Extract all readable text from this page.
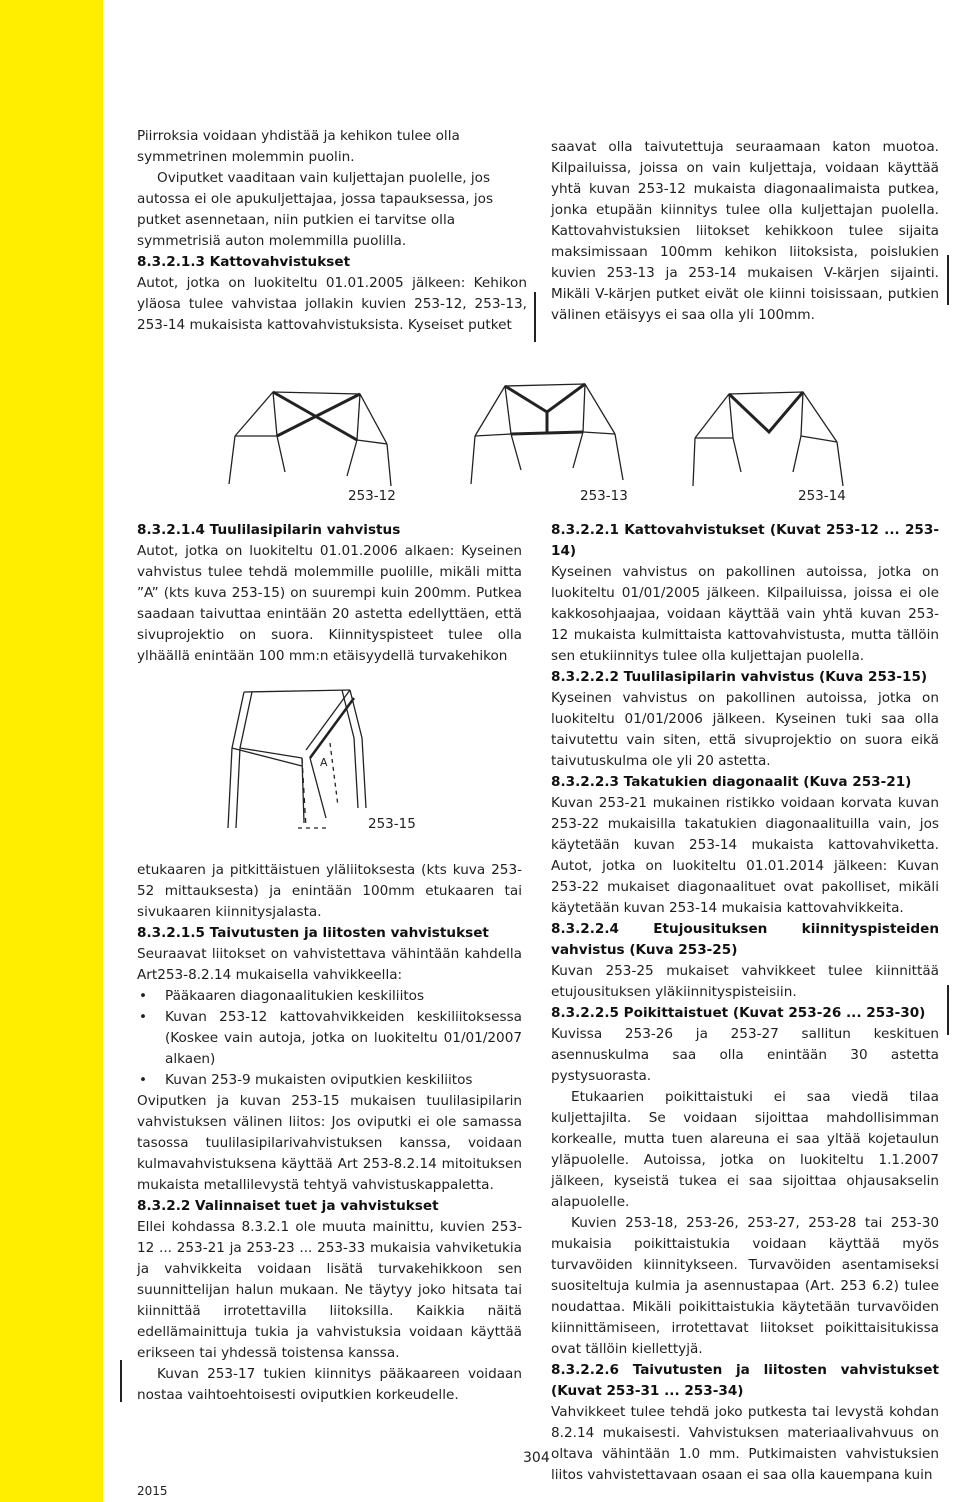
Piirroksia voidaan yhdistää ja kehikon tulee olla symmetrinen molemmin puolin.

Oviputket vaaditaan vain kuljettajan puolelle, jos autossa ei ole apukuljettajaa, jossa tapauksessa, jos putket asennetaan, niin putkien ei tarvitse olla symmetrisiä auton molemmilla puolilla.

8.3.2.1.3 Kattovahvistukset

Autot, jotka on luokiteltu 01.01.2005 jälkeen: Kehikon yläosa tulee vahvistaa jollakin kuvien 253-12, 253-13, 253-14 mukaisista kattovahvistuksista. Kyseiset putket

saavat olla taivutettuja seuraamaan katon muotoa. Kilpailuissa, joissa on vain kuljettaja, voidaan käyttää yhtä kuvan 253-12 mukaista diagonaalimaista putkea, jonka etupään kiinnitys tulee olla kuljettajan puolella. Kattovahvistuksien liitokset kehikkoon tulee sijaita maksimissaan 100mm kehikon liitoksista, poislukien kuvien 253-13 ja 253-14 mukaisen V-kärjen sijainti. Mikäli V-kärjen putket eivät ole kiinni toisissaan, putkien välinen etäisyys ei saa olla yli 100mm.

253-12	253-13	253-14

8.3.2.1.4 Tuulilasipilarin vahvistus

Autot, jotka on luokiteltu 01.01.2006 alkaen: Kyseinen vahvistus tulee tehdä molemmille puolille, mikäli mitta ”A” (kts kuva 253-15) on suurempi kuin 200mm. Putkea saadaan taivuttaa enintään 20 astetta edellyttäen, että sivuprojektio on suora. Kiinnityspisteet tulee olla ylhäällä enintään 100 mm:n etäisyydellä turvakehikon

A
253-15

etukaaren ja pitkittäistuen yläliitoksesta (kts kuva 253-52 mittauksesta) ja enintään 100mm etukaaren tai sivukaaren kiinnitysjalasta.

8.3.2.1.5 Taivutusten ja liitosten vahvistukset

Seuraavat liitokset on vahvistettava vähintään kahdella Art253-8.2.14 mukaisella vahvikkeella:

• Pääkaaren diagonaalitukien keskiliitos
• Kuvan 253-12 kattovahvikkeiden keskiliitoksessa (Koskee vain autoja, jotka on luokiteltu 01/01/2007 alkaen)
• Kuvan 253-9 mukaisten oviputkien keskiliitos

Oviputken ja kuvan 253-15 mukaisen tuulilasipilarin vahvistuksen välinen liitos: Jos oviputki ei ole samassa tasossa tuulilasipilarivahvistuksen kanssa, voidaan kulmavahvistuksena käyttää Art 253-8.2.14 mitoituksen mukaista metallilevystä tehtyä vahvistuskappaletta.

8.3.2.2 Valinnaiset tuet ja vahvistukset

Ellei kohdassa 8.3.2.1 ole muuta mainittu, kuvien 253-12 ... 253-21 ja 253-23 ... 253-33 mukaisia vahviketukia ja vahvikkeita voidaan lisätä turvakehikkoon sen suunnittelijan halun mukaan. Ne täytyy joko hitsata tai kiinnittää irrotettavilla liitoksilla. Kaikkia näitä edellämainittuja tukia ja vahvistuksia voidaan käyttää erikseen tai yhdessä toistensa kanssa.

Kuvan 253-17 tukien kiinnitys pääkaareen voidaan nostaa vaihtoehtoisesti oviputkien korkeudelle.

8.3.2.2.1 Kattovahvistukset (Kuvat 253-12 ... 253-14)

Kyseinen vahvistus on pakollinen autoissa, jotka on luokiteltu 01/01/2005 jälkeen. Kilpailuissa, joissa ei ole kakkosohjaajaa, voidaan käyttää vain yhtä kuvan 253-12 mukaista kulmittaista kattovahvistusta, mutta tällöin sen etukiinnitys tulee olla kuljettajan puolella.

8.3.2.2.2 Tuulilasipilarin vahvistus (Kuva 253-15)

Kyseinen vahvistus on pakollinen autoissa, jotka on luokiteltu 01/01/2006 jälkeen. Kyseinen tuki saa olla taivutettu vain siten, että sivuprojektio on suora eikä taivutuskulma ole yli 20 astetta.

8.3.2.2.3 Takatukien diagonaalit (Kuva 253-21)

Kuvan 253-21 mukainen ristikko voidaan korvata kuvan 253-22 mukaisilla takatukien diagonaalituilla vain, jos käytetään kuvan 253-14 mukaista kattovahviketta. Autot, jotka on luokiteltu 01.01.2014 jälkeen: Kuvan 253-22 mukaiset diagonaalituet ovat pakolliset, mikäli käytetään kuvan 253-14 mukaisia kattovahvikkeita.

8.3.2.2.4 Etujousituksen kiinnityspisteiden vahvistus (Kuva 253-25)

Kuvan 253-25 mukaiset vahvikkeet tulee kiinnittää etujousituksen yläkiinnityspisteisiin.

8.3.2.2.5 Poikittaistuet (Kuvat 253-26 ... 253-30)

Kuvissa 253-26 ja 253-27 sallitun keskituen asennuskulma saa olla enintään 30 astetta pystysuorasta.

Etukaarien poikittaistuki ei saa viedä tilaa kuljettajilta. Se voidaan sijoittaa mahdollisimman korkealle, mutta tuen alareuna ei saa yltää kojetaulun yläpuolelle. Autoissa, jotka on luokiteltu 1.1.2007 jälkeen, kyseistä tukea ei saa sijoittaa ohjausakselin alapuolelle.

Kuvien 253-18, 253-26, 253-27, 253-28 tai 253-30 mukaisia poikittaistukia voidaan käyttää myös turvavöiden kiinnitykseen. Turvavöiden asentamiseksi suositeltuja kulmia ja asennustapaa (Art. 253 6.2) tulee noudattaa. Mikäli poikittaistukia käytetään turvavöiden kiinnittämiseen, irrotettavat liitokset poikittaisitukissa ovat tällöin kiellettyjä.

8.3.2.2.6 Taivutusten ja liitosten vahvistukset (Kuvat 253-31 ... 253-34)

Vahvikkeet tulee tehdä joko putkesta tai levystä kohdan 8.2.14 mukaisesti. Vahvistuksen materiaalivahvuus on oltava vähintään 1.0 mm. Putkimaisten vahvistuksien liitos vahvistettavaan osaan ei saa olla kauempana kuin

304
2015
